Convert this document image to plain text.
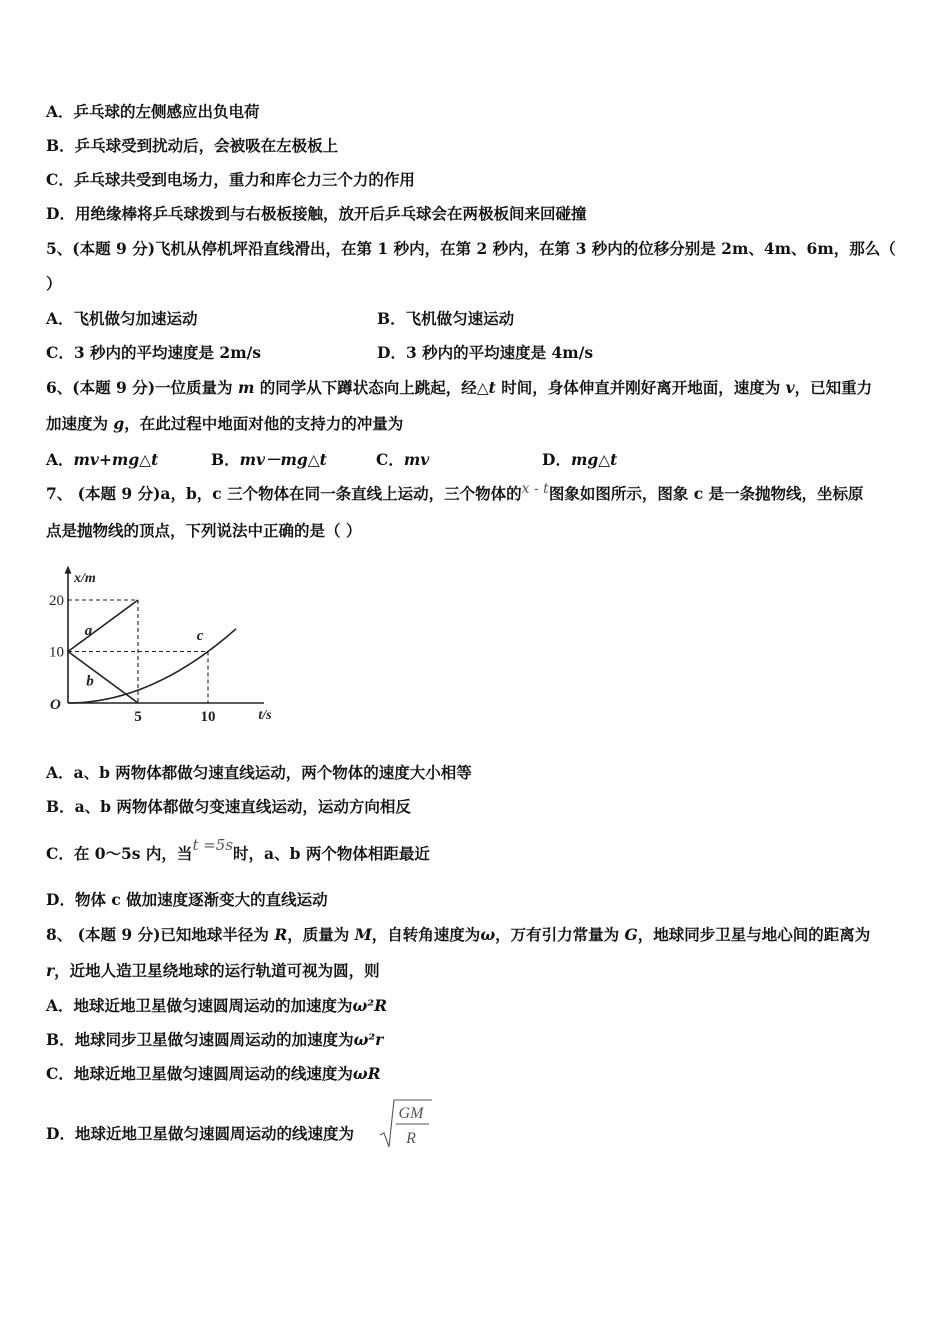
A．乒乓球的左侧感应出负电荷
B．乒乓球受到扰动后，会被吸在左极板上
C．乒乓球共受到电场力，重力和库仑力三个力的作用
D．用绝缘棒将乒乓球拨到与右极板接触，放开后乒乓球会在两极板间来回碰撞
5、(本题 9 分)飞机从停机坪沿直线滑出，在第 1 秒内，在第 2 秒内，在第 3 秒内的位移分别是 2m、4m、6m，那么（
）
A．飞机做匀加速运动	B．飞机做匀速运动
C．3 秒内的平均速度是 2m/s	D．3 秒内的平均速度是 4m/s
6、(本题 9 分)一位质量为 m 的同学从下蹲状态向上跳起，经△t 时间，身体伸直并刚好离开地面，速度为 v，已知重力
加速度为 g，在此过程中地面对他的支持力的冲量为
A．mv+mg△t	B．mv－mg△t	C．mv	D．mg△t
7、 (本题 9 分)a，b，c 三个物体在同一条直线上运动，三个物体的x - t图象如图所示，图象 c 是一条抛物线，坐标原
点是抛物线的顶点，下列说法中正确的是（ ）
x/m
t/s
O
10
20
5	10
a
b
c
A．a、b 两物体都做匀速直线运动，两个物体的速度大小相等
B．a、b 两物体都做匀变速直线运动，运动方向相反
C．在 0～5s 内，当t =5s时，a、b 两个物体相距最近
D．物体 c 做加速度逐渐变大的直线运动
8、 (本题 9 分)已知地球半径为 R，质量为 M，自转角速度为ω，万有引力常量为 G，地球同步卫星与地心间的距离为
r，近地人造卫星绕地球的运行轨道可视为圆，则
A．地球近地卫星做匀速圆周运动的加速度为ω²R
B．地球同步卫星做匀速圆周运动的加速度为ω²r
C．地球近地卫星做匀速圆周运动的线速度为ωR
D．地球近地卫星做匀速圆周运动的线速度为
GM
R
